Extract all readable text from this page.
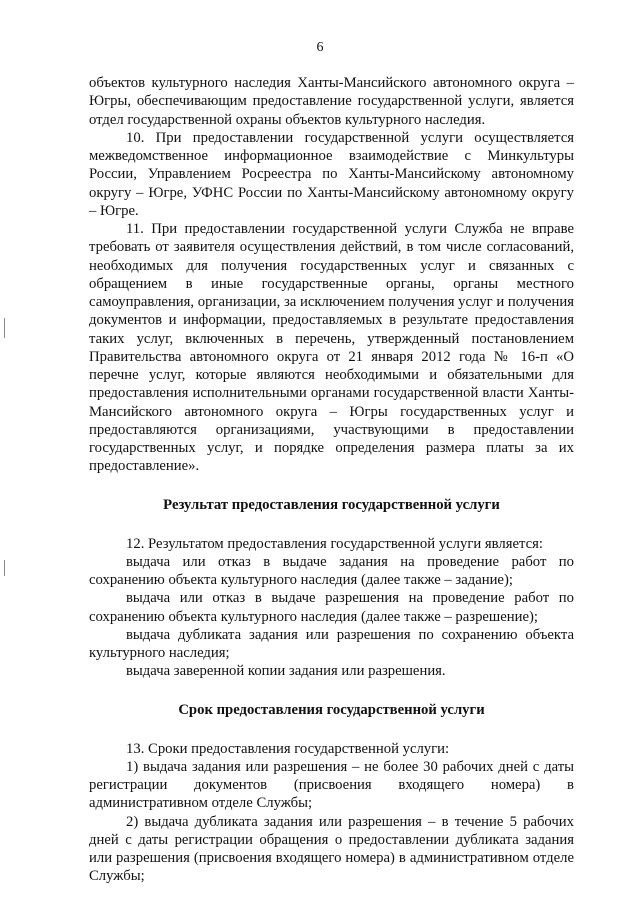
6

объектов культурного наследия Ханты-Мансийского автономного округа – Югры, обеспечивающим предоставление государственной услуги, является отдел государственной охраны объектов культурного наследия.

10. При предоставлении государственной услуги осуществляется межведомственное информационное взаимодействие с Минкультуры России, Управлением Росреестра по Ханты-Мансийскому автономному округу – Югре, УФНС России по Ханты-Мансийскому автономному округу – Югре.

11. При предоставлении государственной услуги Служба не вправе требовать от заявителя осуществления действий, в том числе согласований, необходимых для получения государственных услуг и связанных с обращением в иные государственные органы, органы местного самоуправления, организации, за исключением получения услуг и получения документов и информации, предоставляемых в результате предоставления таких услуг, включенных в перечень, утвержденный постановлением Правительства автономного округа от 21 января 2012 года № 16-п «О перечне услуг, которые являются необходимыми и обязательными для предоставления исполнительными органами государственной власти Ханты-Мансийского автономного округа – Югры государственных услуг и предоставляются организациями, участвующими в предоставлении государственных услуг, и порядке определения размера платы за их предоставление».

Результат предоставления государственной услуги

12. Результатом предоставления государственной услуги является:

выдача или отказ в выдаче задания на проведение работ по сохранению объекта культурного наследия (далее также – задание);

выдача или отказ в выдаче разрешения на проведение работ по сохранению объекта культурного наследия (далее также – разрешение);

выдача дубликата задания или разрешения по сохранению объекта культурного наследия;

выдача заверенной копии задания или разрешения.

Срок предоставления государственной услуги

13. Сроки предоставления государственной услуги:

1) выдача задания или разрешения – не более 30 рабочих дней с даты регистрации документов (присвоения входящего номера) в административном отделе Службы;

2) выдача дубликата задания или разрешения – в течение 5 рабочих дней с даты регистрации обращения о предоставлении дубликата задания или разрешения (присвоения входящего номера) в административном отделе Службы;
